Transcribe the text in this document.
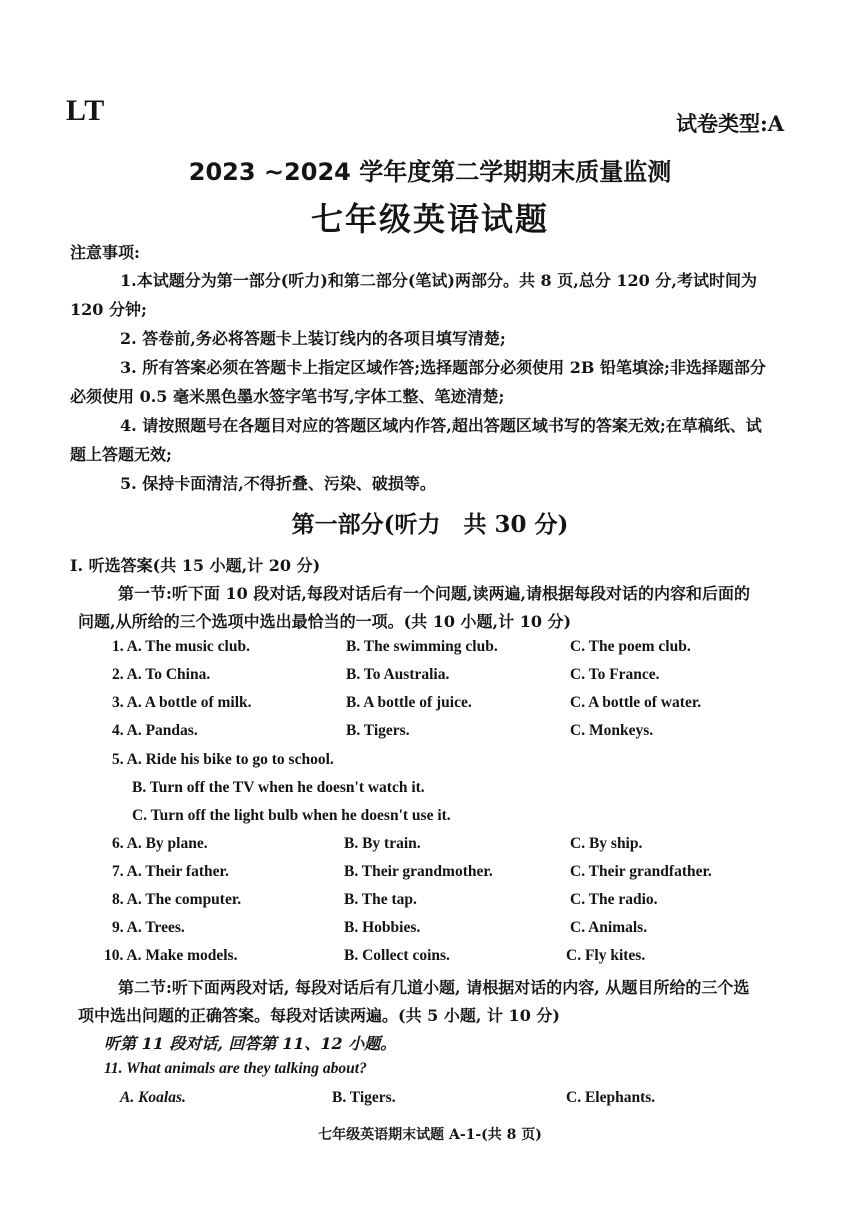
LT	试卷类型:A
2023 ~2024 学年度第二学期期末质量监测
七年级英语试题
注意事项:
1.本试题分为第一部分(听力)和第二部分(笔试)两部分。共 8 页,总分 120 分,考试时间为
120 分钟;
2. 答卷前,务必将答题卡上装订线内的各项目填写清楚;
3. 所有答案必须在答题卡上指定区域作答;选择题部分必须使用 2B 铅笔填涂;非选择题部分
必须使用 0.5 毫米黑色墨水签字笔书写,字体工整、笔迹清楚;
4. 请按照题号在各题目对应的答题区域内作答,超出答题区域书写的答案无效;在草稿纸、试
题上答题无效;
5. 保持卡面清洁,不得折叠、污染、破损等。
第一部分(听力　共 30 分)
Ⅰ. 听选答案(共 15 小题,计 20 分)
第一节:听下面 10 段对话,每段对话后有一个问题,读两遍,请根据每段对话的内容和后面的
问题,从所给的三个选项中选出最恰当的一项。(共 10 小题,计 10 分)
1. A. The music club.	B. The swimming club.	C. The poem club.
2. A. To China.	B. To Australia.	C. To France.
3. A. A bottle of milk.	B. A bottle of juice.	C. A bottle of water.
4. A. Pandas.	B. Tigers.	C. Monkeys.
5. A. Ride his bike to go to school.
B. Turn off the TV when he doesn't watch it.
C. Turn off the light bulb when he doesn't use it.
6. A. By plane.	B. By train.	C. By ship.
7. A. Their father.	B. Their grandmother.	C. Their grandfather.
8. A. The computer.	B. The tap.	C. The radio.
9. A. Trees.	B. Hobbies.	C. Animals.
10. A. Make models.	B. Collect coins.	C. Fly kites.
第二节:听下面两段对话, 每段对话后有几道小题, 请根据对话的内容, 从题目所给的三个选
项中选出问题的正确答案。每段对话读两遍。(共 5 小题, 计 10 分)
听第 11 段对话, 回答第 11、12 小题。
11. What animals are they talking about?
A. Koalas.	B. Tigers.	C. Elephants.
七年级英语期末试题 A-1-(共 8 页)
